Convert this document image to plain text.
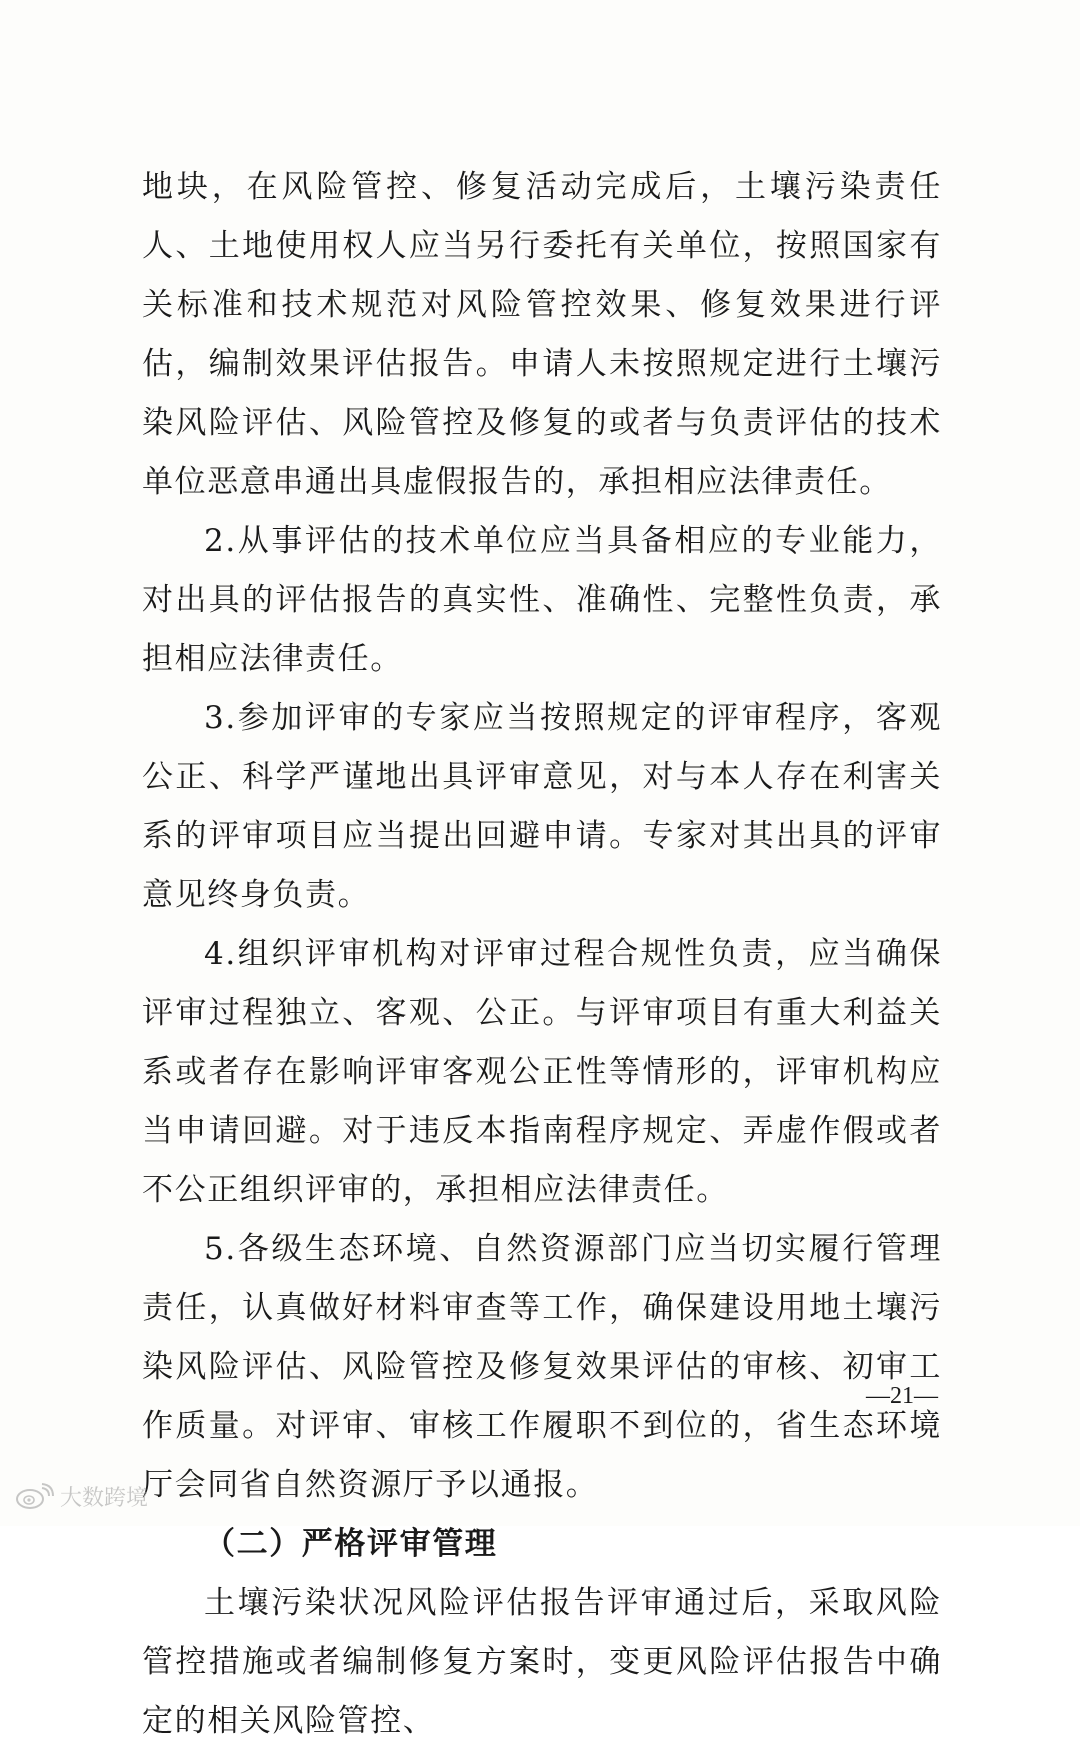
地块，在风险管控、修复活动完成后，土壤污染责任人、土地使用权人应当另行委托有关单位，按照国家有关标准和技术规范对风险管控效果、修复效果进行评估，编制效果评估报告。申请人未按照规定进行土壤污染风险评估、风险管控及修复的或者与负责评估的技术单位恶意串通出具虚假报告的，承担相应法律责任。

2.从事评估的技术单位应当具备相应的专业能力，对出具的评估报告的真实性、准确性、完整性负责，承担相应法律责任。

3.参加评审的专家应当按照规定的评审程序，客观公正、科学严谨地出具评审意见，对与本人存在利害关系的评审项目应当提出回避申请。专家对其出具的评审意见终身负责。

4.组织评审机构对评审过程合规性负责，应当确保评审过程独立、客观、公正。与评审项目有重大利益关系或者存在影响评审客观公正性等情形的，评审机构应当申请回避。对于违反本指南程序规定、弄虚作假或者不公正组织评审的，承担相应法律责任。

5.各级生态环境、自然资源部门应当切实履行管理责任，认真做好材料审查等工作，确保建设用地土壤污染风险评估、风险管控及修复效果评估的审核、初审工作质量。对评审、审核工作履职不到位的，省生态环境厅会同省自然资源厅予以通报。

（二）严格评审管理

土壤污染状况风险评估报告评审通过后，采取风险管控措施或者编制修复方案时，变更风险评估报告中确定的相关风险管控、

—21—
大数跨境
